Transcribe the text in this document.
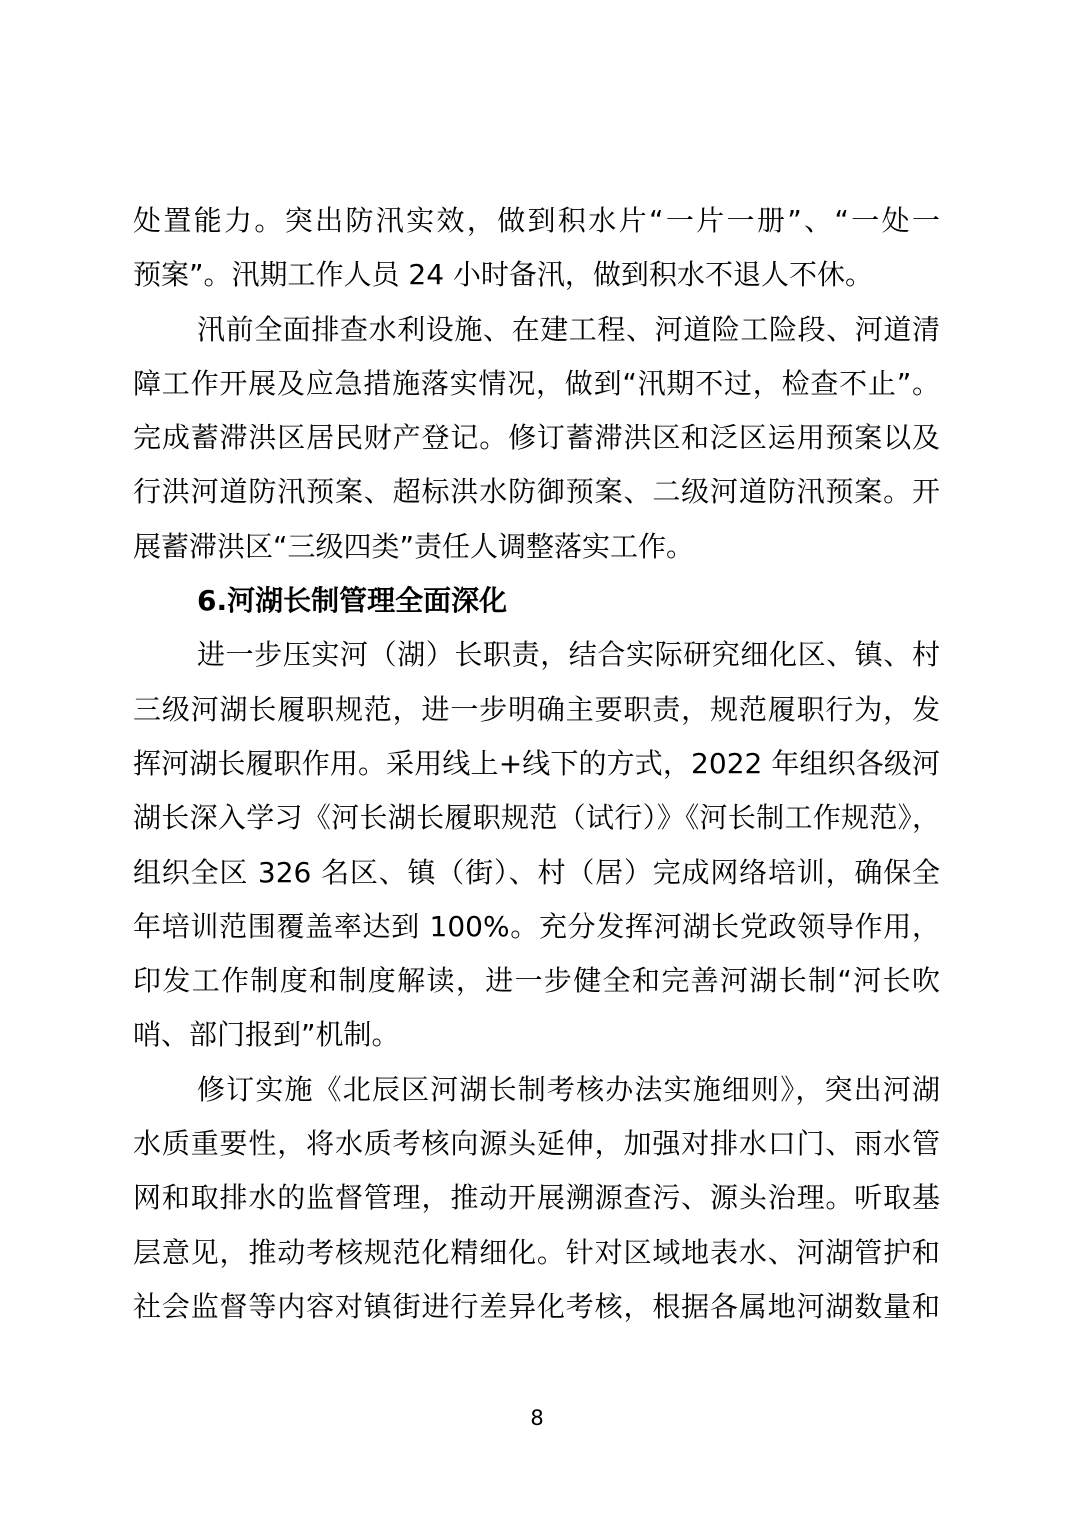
处置能力。突出防汛实效，做到积水片“一片一册”、“一处一
预案”。汛期工作人员 24 小时备汛，做到积水不退人不休。
汛前全面排查水利设施、在建工程、河道险工险段、河道清
障工作开展及应急措施落实情况，做到“汛期不过，检查不止”。
完成蓄滞洪区居民财产登记。修订蓄滞洪区和泛区运用预案以及
行洪河道防汛预案、超标洪水防御预案、二级河道防汛预案。开
展蓄滞洪区“三级四类”责任人调整落实工作。
6.河湖长制管理全面深化
进一步压实河（湖）长职责，结合实际研究细化区、镇、村
三级河湖长履职规范，进一步明确主要职责，规范履职行为，发
挥河湖长履职作用。采用线上+线下的方式，2022 年组织各级河
湖长深入学习《河长湖长履职规范（试行）》《河长制工作规范》，
组织全区 326 名区、镇（街）、村（居）完成网络培训，确保全
年培训范围覆盖率达到 100%。充分发挥河湖长党政领导作用，
印发工作制度和制度解读，进一步健全和完善河湖长制“河长吹
哨、部门报到”机制。
修订实施《北辰区河湖长制考核办法实施细则》，突出河湖
水质重要性，将水质考核向源头延伸，加强对排水口门、雨水管
网和取排水的监督管理，推动开展溯源查污、源头治理。听取基
层意见，推动考核规范化精细化。针对区域地表水、河湖管护和
社会监督等内容对镇街进行差异化考核，根据各属地河湖数量和
8
